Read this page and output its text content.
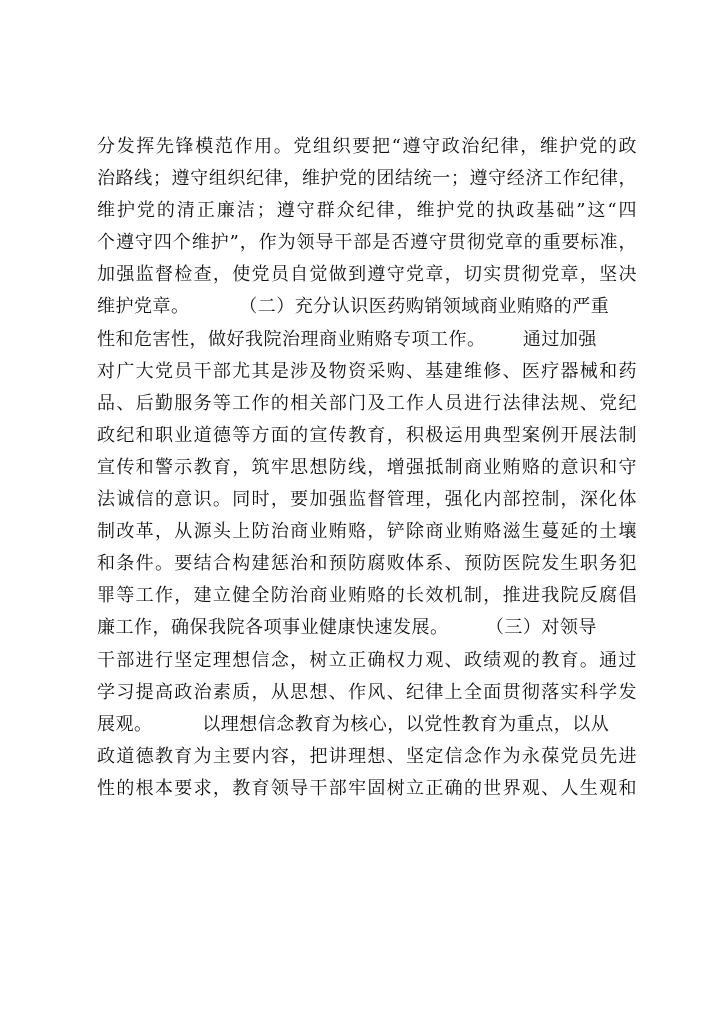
分发挥先锋模范作用。党组织要把“遵守政治纪律，维护党的政
治路线；遵守组织纪律，维护党的团结统一；遵守经济工作纪律，
维护党的清正廉洁；遵守群众纪律，维护党的执政基础”这“四
个遵守四个维护”，作为领导干部是否遵守贯彻党章的重要标准，
加强监督检查，使党员自觉做到遵守党章，切实贯彻党章，坚决
维护党章。        （二）充分认识医药购销领域商业贿赂的严重
性和危害性，做好我院治理商业贿赂专项工作。      通过加强
对广大党员干部尤其是涉及物资采购、基建维修、医疗器械和药
品、后勤服务等工作的相关部门及工作人员进行法律法规、党纪
政纪和职业道德等方面的宣传教育，积极运用典型案例开展法制
宣传和警示教育，筑牢思想防线，增强抵制商业贿赂的意识和守
法诚信的意识。同时，要加强监督管理，强化内部控制，深化体
制改革，从源头上防治商业贿赂，铲除商业贿赂滋生蔓延的土壤
和条件。要结合构建惩治和预防腐败体系、预防医院发生职务犯
罪等工作，建立健全防治商业贿赂的长效机制，推进我院反腐倡
廉工作，确保我院各项事业健康快速发展。      （三）对领导
干部进行坚定理想信念，树立正确权力观、政绩观的教育。通过
学习提高政治素质，从思想、作风、纪律上全面贯彻落实科学发
展观。        以理想信念教育为核心，以党性教育为重点，以从
政道德教育为主要内容，把讲理想、坚定信念作为永葆党员先进
性的根本要求，教育领导干部牢固树立正确的世界观、人生观和
